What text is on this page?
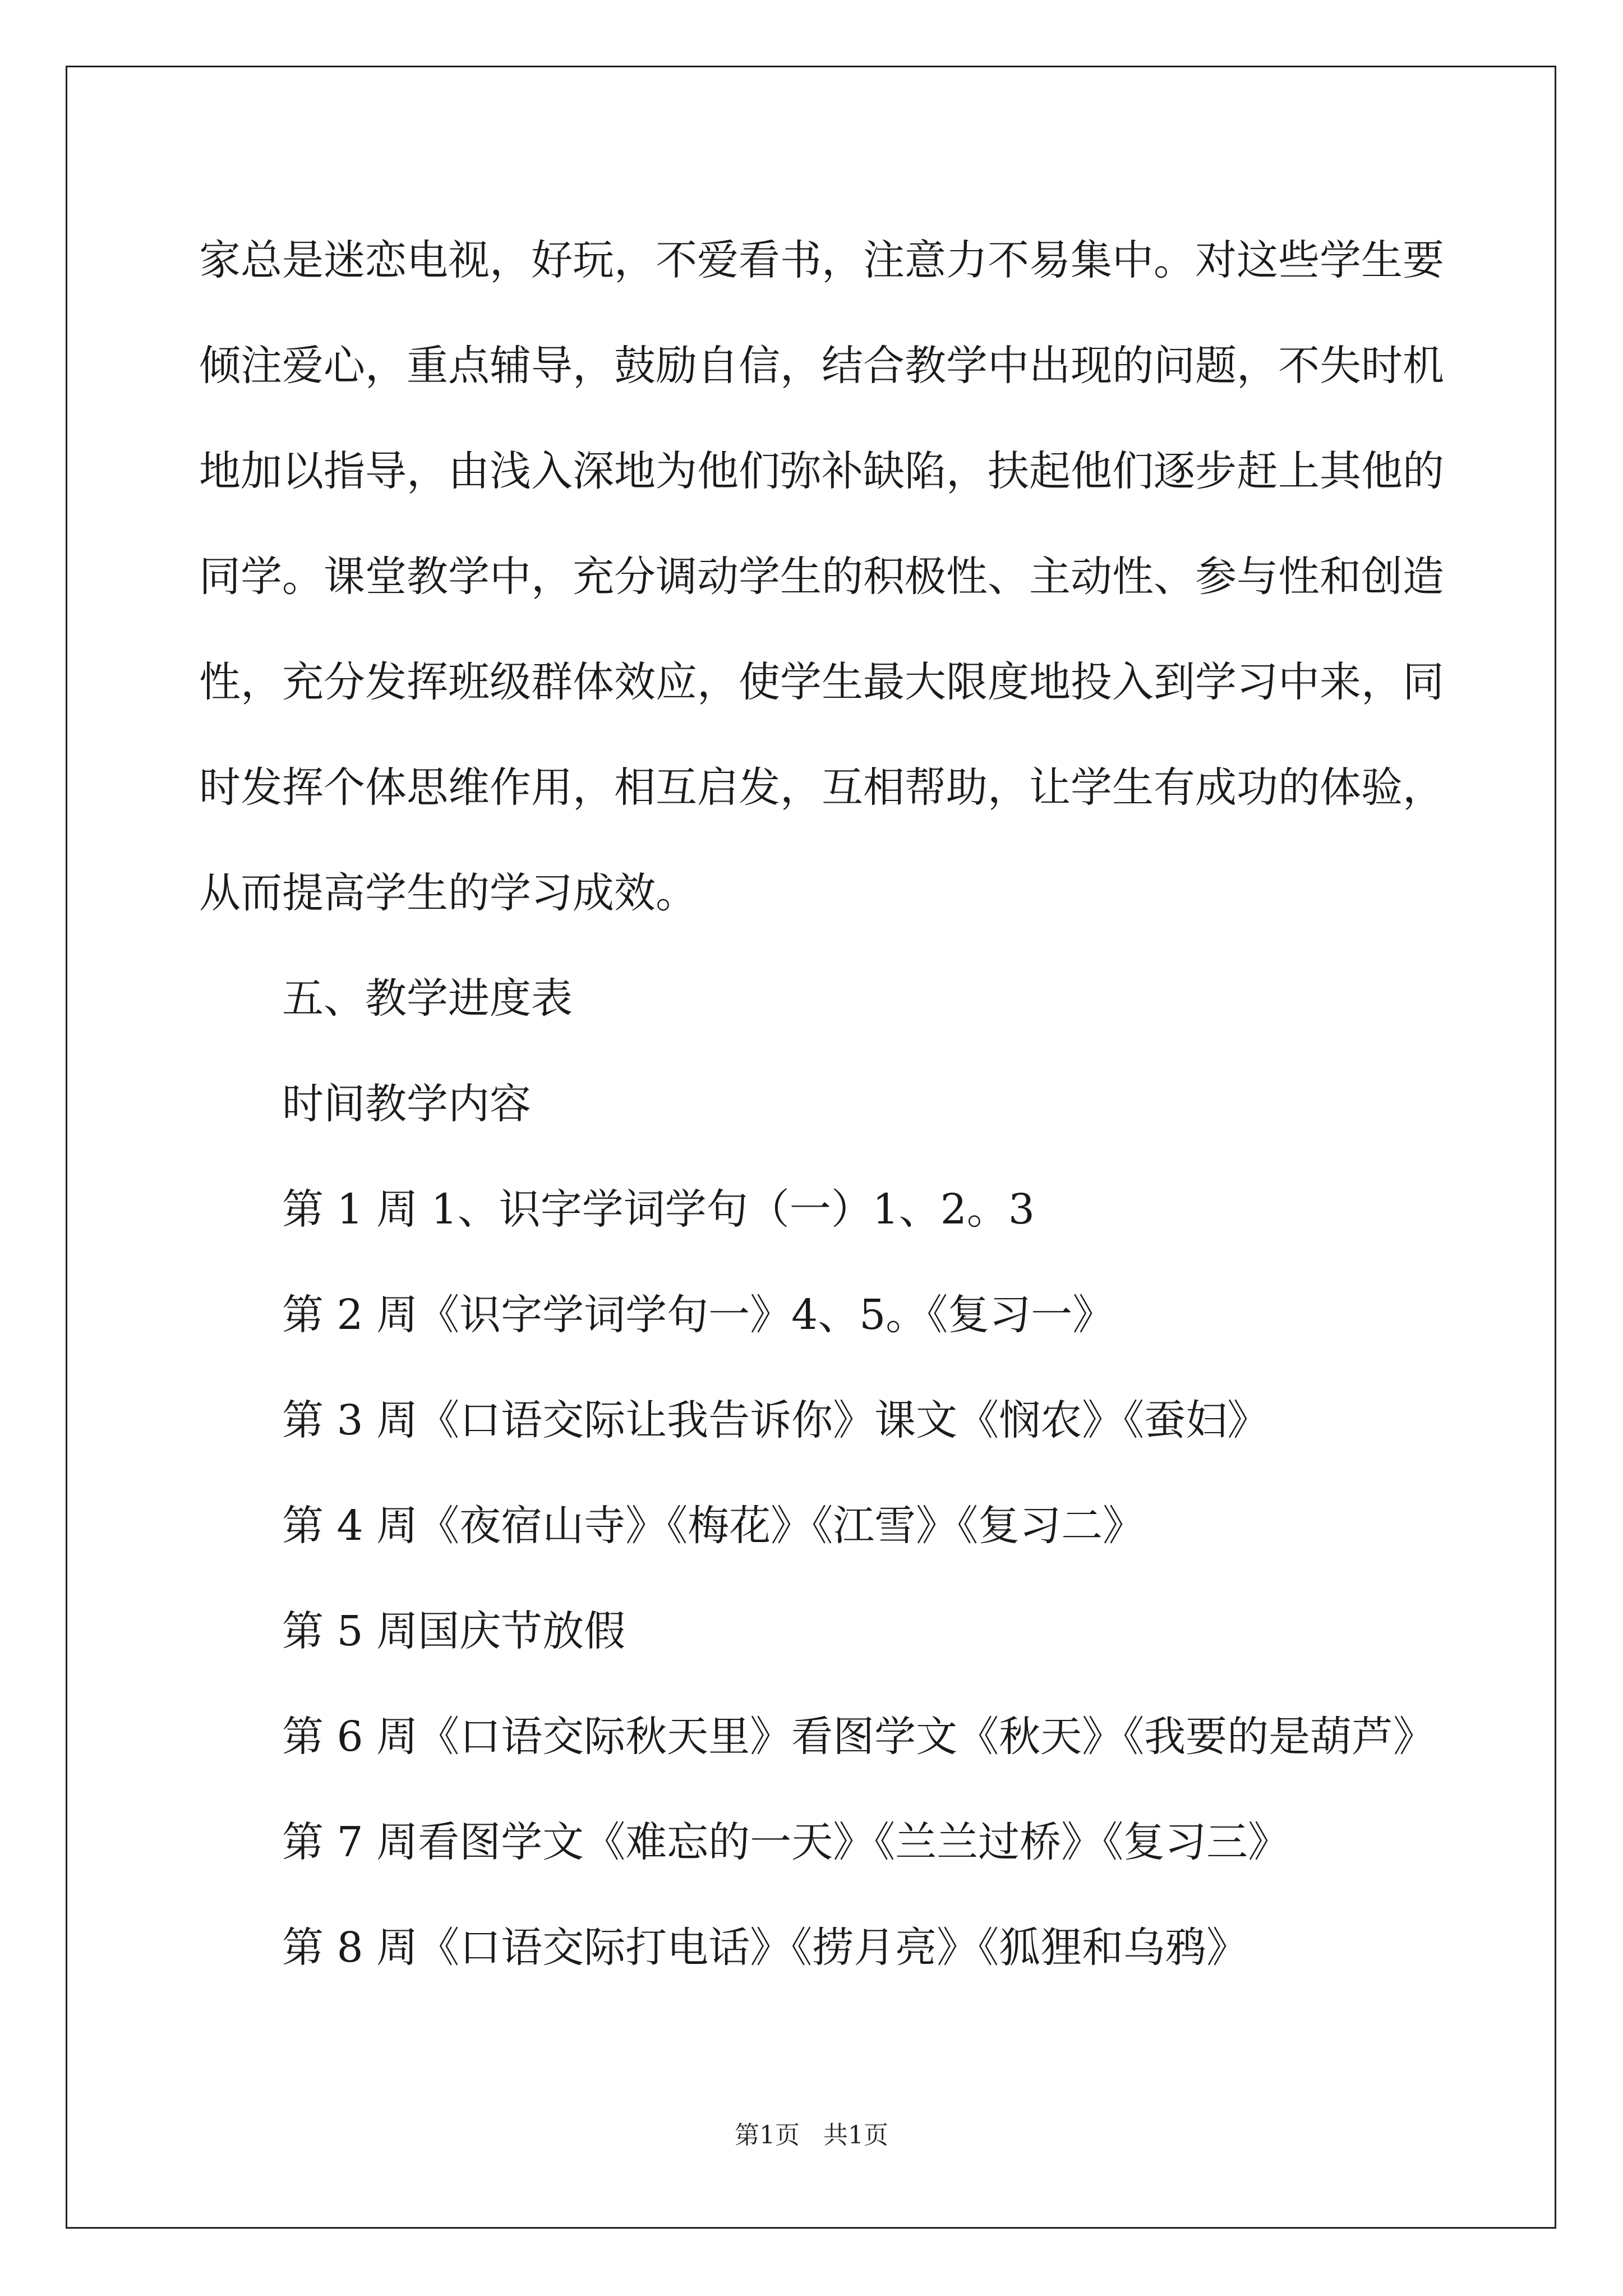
家总是迷恋电视，好玩，不爱看书，注意力不易集中。对这些学生要

倾注爱心，重点辅导，鼓励自信，结合教学中出现的问题，不失时机

地加以指导，由浅入深地为他们弥补缺陷，扶起他们逐步赶上其他的

同学。课堂教学中，充分调动学生的积极性、主动性、参与性和创造

性，充分发挥班级群体效应，使学生最大限度地投入到学习中来，同

时发挥个体思维作用，相互启发，互相帮助，让学生有成功的体验，

从而提高学生的学习成效。

五、教学进度表

时间教学内容

第 1 周 1、识字学词学句（一）1、2。3

第 2 周《识字学词学句一》4、5。《复习一》

第 3 周《口语交际让我告诉你》课文《悯农》《蚕妇》

第 4 周《夜宿山寺》《梅花》《江雪》《复习二》

第 5 周国庆节放假

第 6 周《口语交际秋天里》看图学文《秋天》《我要的是葫芦》

第 7 周看图学文《难忘的一天》《兰兰过桥》《复习三》

第 8 周《口语交际打电话》《捞月亮》《狐狸和乌鸦》

第1页   共1页
